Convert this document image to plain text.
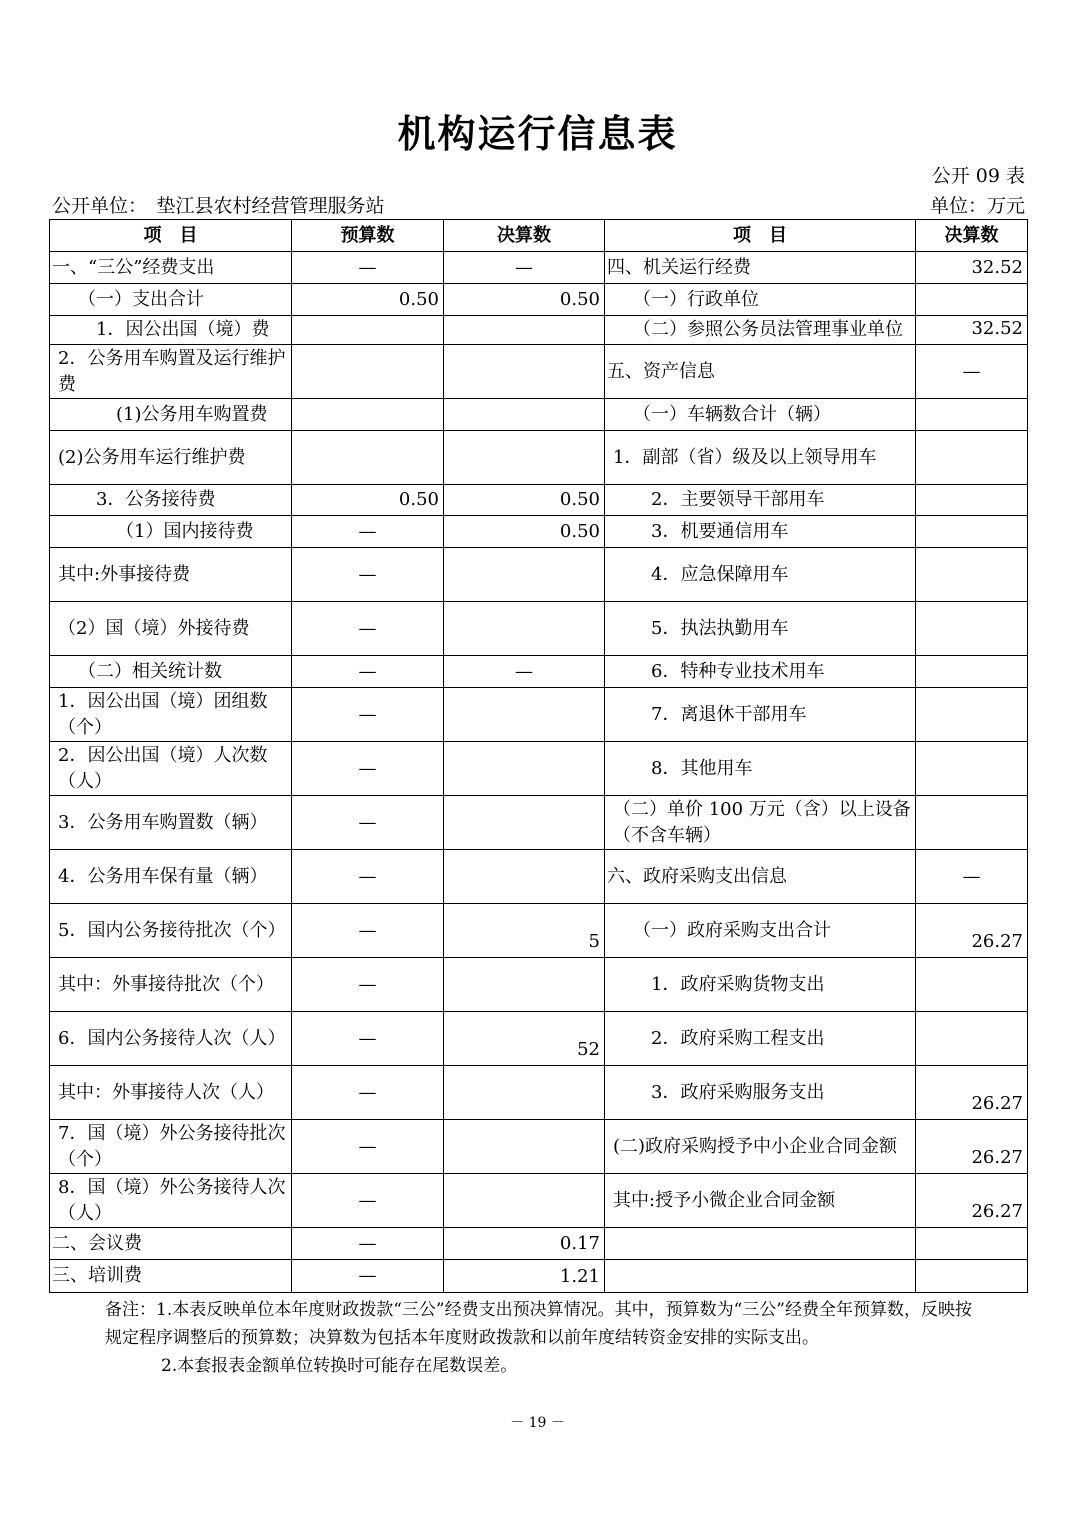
机构运行信息表
公开 09 表
公开单位：　垫江县农村经营管理服务站	单位：万元
项　目	预算数	决算数	项　目	决算数
一、“三公”经费支出	—	—	四、机关运行经费	32.52
（一）支出合计	0.50	0.50	（一）行政单位	
1．因公出国（境）费			（二）参照公务员法管理事业单位	32.52
2．公务用车购置及运行维护费			五、资产信息	—
(1)公务用车购置费			（一）车辆数合计（辆）	
(2)公务用车运行维护费			1．副部（省）级及以上领导用车	
3．公务接待费	0.50	0.50	2．主要领导干部用车	
（1）国内接待费	—	0.50	3．机要通信用车	
其中:外事接待费	—		4．应急保障用车	
（2）国（境）外接待费	—		5．执法执勤用车	
（二）相关统计数	—	—	6．特种专业技术用车	
1．因公出国（境）团组数（个）	—		7．离退休干部用车	
2．因公出国（境）人次数（人）	—		8．其他用车	
3．公务用车购置数（辆）	—		（二）单价 100 万元（含）以上设备（不含车辆）	
4．公务用车保有量（辆）	—		六、政府采购支出信息	—
5．国内公务接待批次（个）	—	5	（一）政府采购支出合计	26.27
其中：外事接待批次（个）	—		1．政府采购货物支出	
6．国内公务接待人次（人）	—	52	2．政府采购工程支出	
其中：外事接待人次（人）	—		3．政府采购服务支出	26.27
7．国（境）外公务接待批次（个）	—		(二)政府采购授予中小企业合同金额	26.27
8．国（境）外公务接待人次（人）	—		其中:授予小微企业合同金额	26.27
二、会议费	—	0.17		
三、培训费	—	1.21		

备注：1.本表反映单位本年度财政拨款“三公”经费支出预决算情况。其中，预算数为“三公”经费全年预算数，反映按规定程序调整后的预算数；决算数为包括本年度财政拨款和以前年度结转资金安排的实际支出。

2.本套报表金额单位转换时可能存在尾数误差。

－ 19 －
